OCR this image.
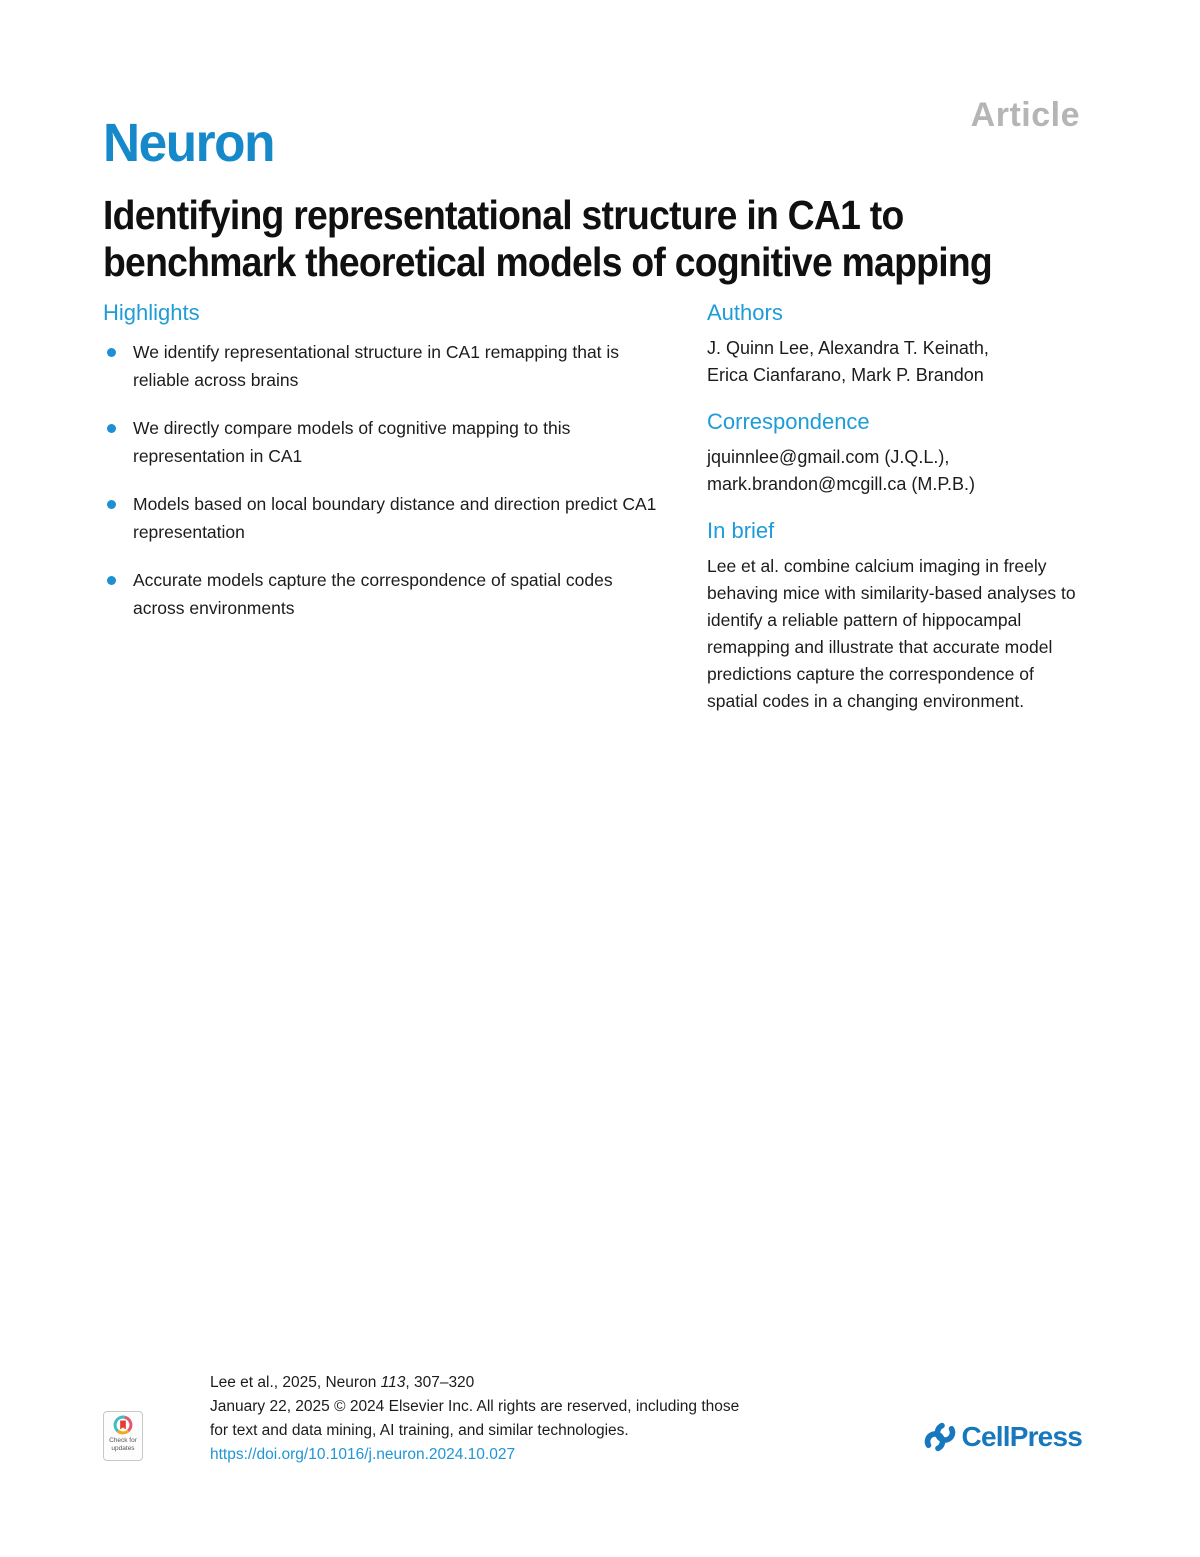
Article
Neuron
Identifying representational structure in CA1 to
benchmark theoretical models of cognitive mapping
Highlights
We identify representational structure in CA1 remapping that is reliable across brains
We directly compare models of cognitive mapping to this representation in CA1
Models based on local boundary distance and direction predict CA1 representation
Accurate models capture the correspondence of spatial codes across environments
Authors
J. Quinn Lee, Alexandra T. Keinath,
Erica Cianfarano, Mark P. Brandon
Correspondence
jquinnlee@gmail.com (J.Q.L.),
mark.brandon@mcgill.ca (M.P.B.)
In brief

Lee et al. combine calcium imaging in freely behaving mice with similarity-based analyses to identify a reliable pattern of hippocampal remapping and illustrate that accurate model predictions capture the correspondence of spatial codes in a changing environment.

Check for
updates
Lee et al., 2025, Neuron 113, 307–320
January 22, 2025 © 2024 Elsevier Inc. All rights are reserved, including those
for text and data mining, AI training, and similar technologies.
https://doi.org/10.1016/j.neuron.2024.10.027
CellPress
